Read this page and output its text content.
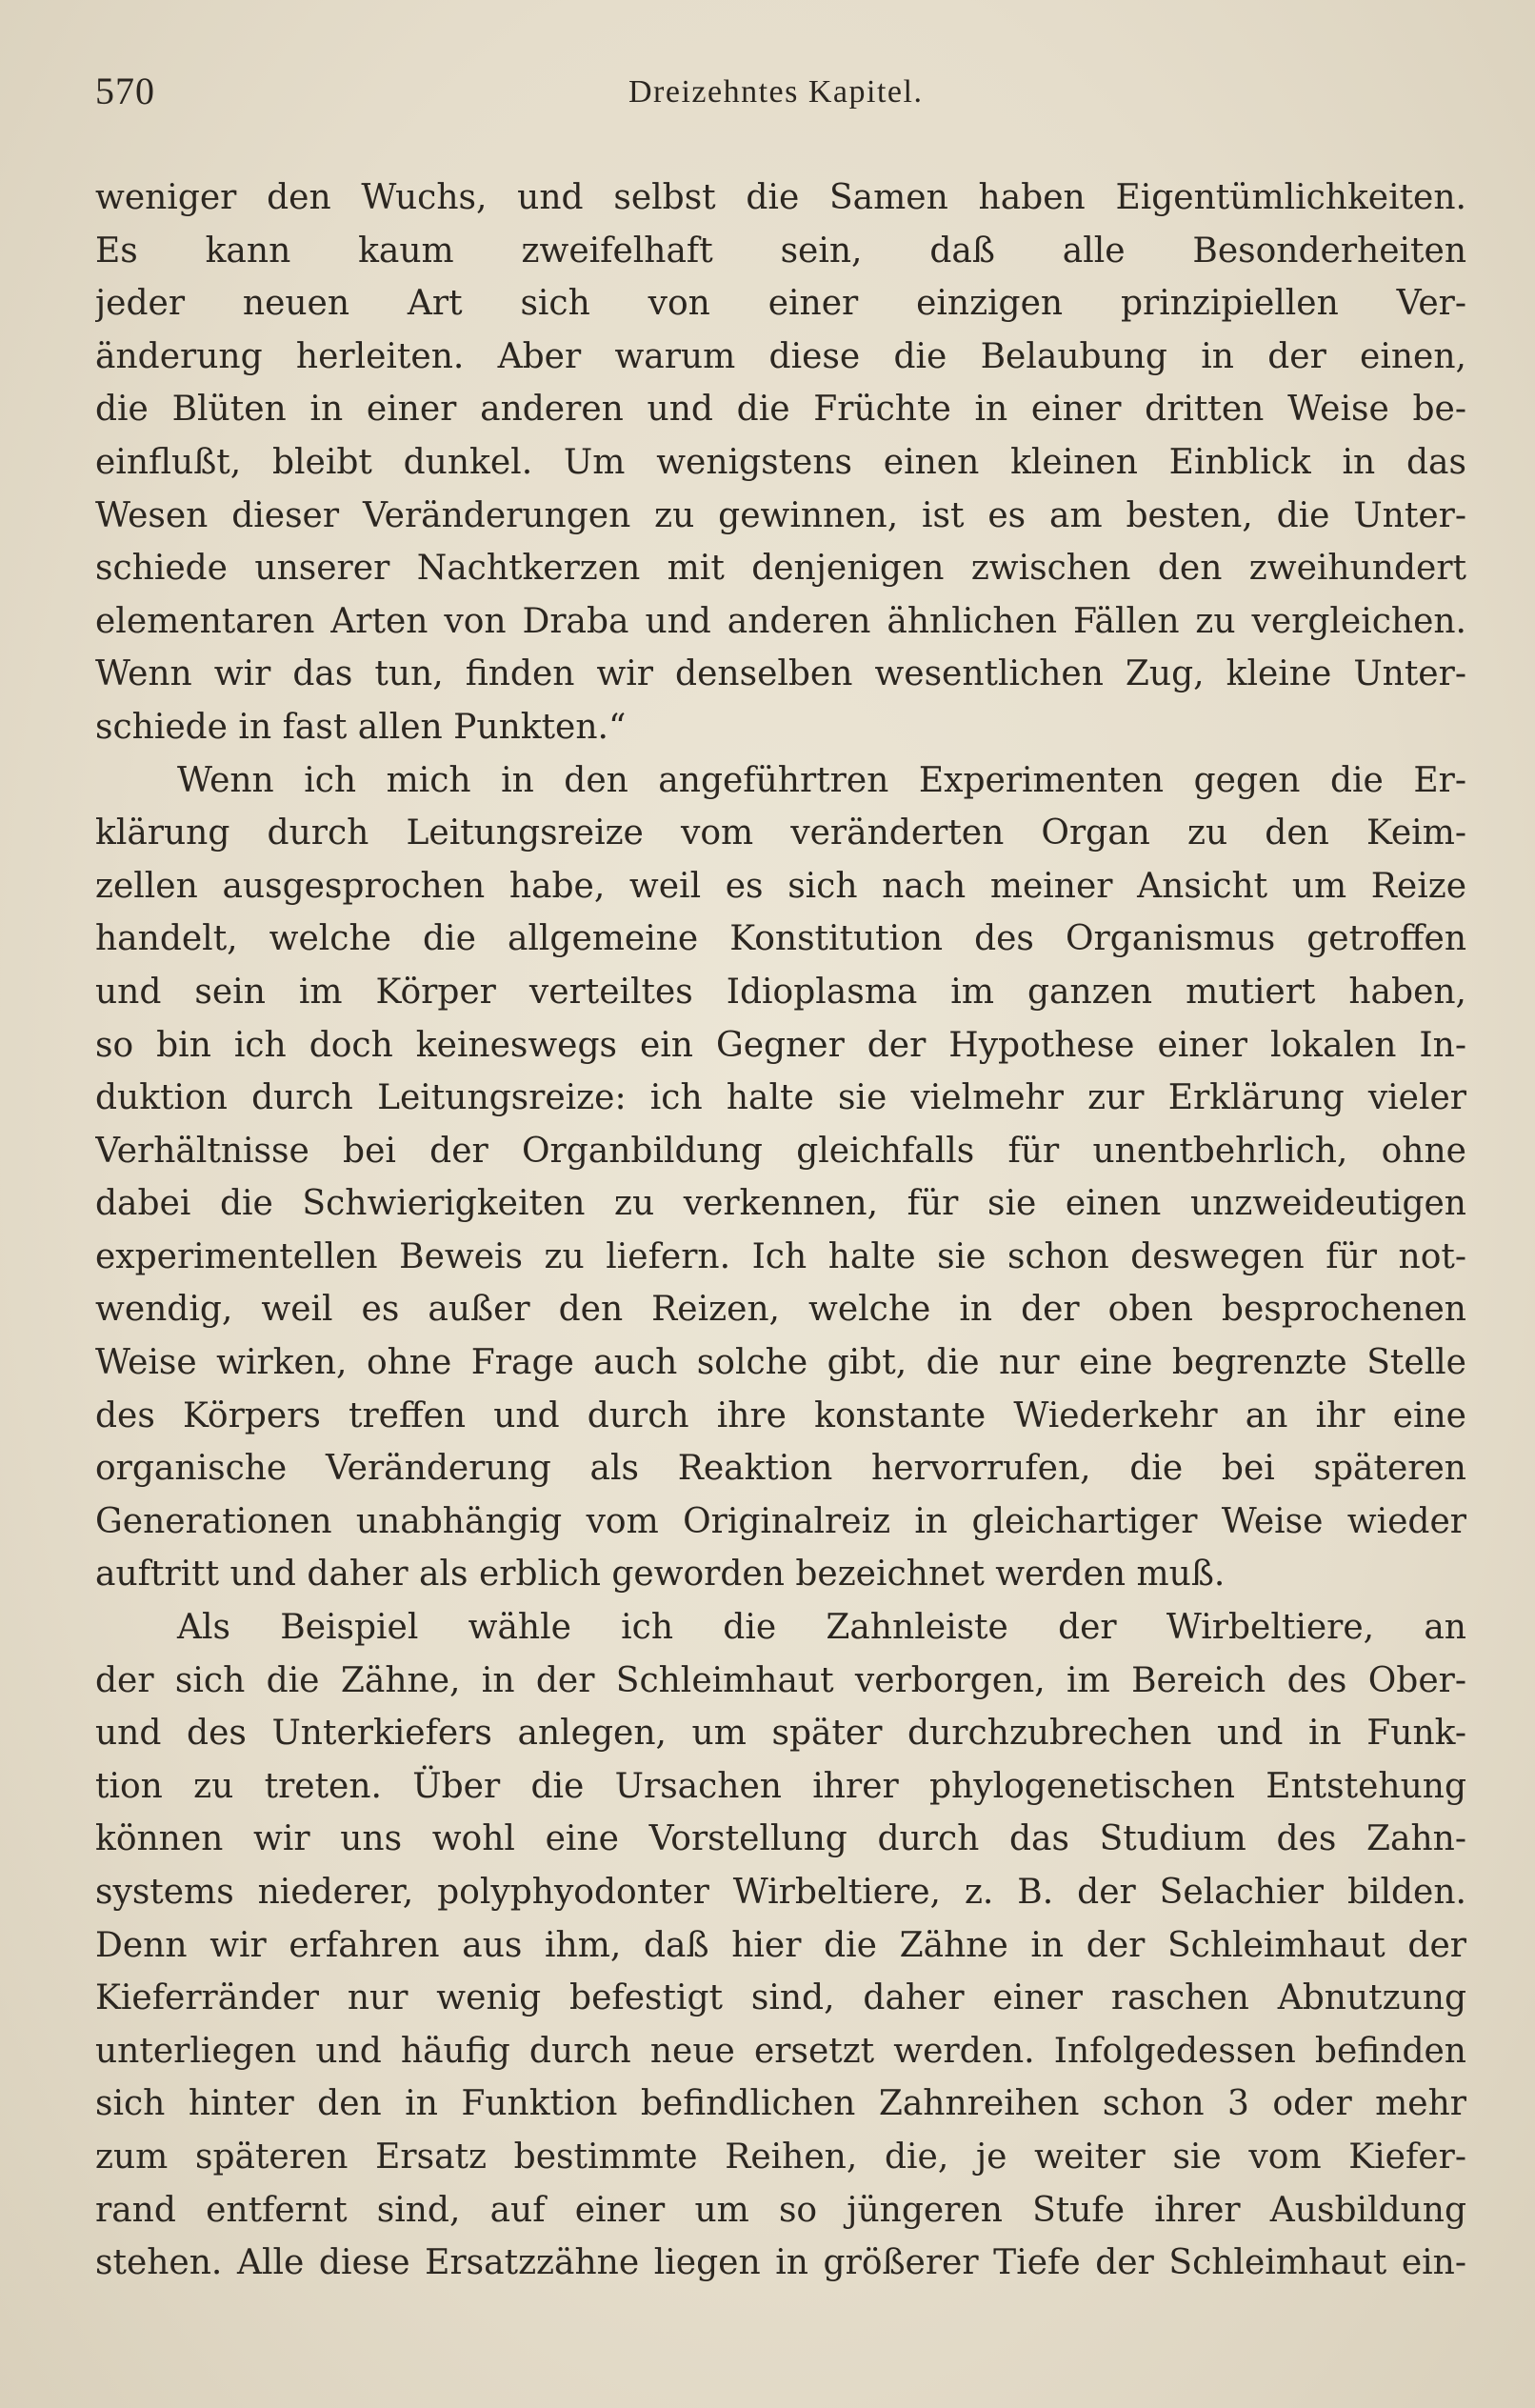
570	Dreizehntes Kapitel.
weniger den Wuchs, und selbst die Samen haben Eigentümlichkeiten.
Es kann kaum zweifelhaft sein, daß alle Besonderheiten
jeder neuen Art sich von einer einzigen prinzipiellen Ver-
änderung herleiten. Aber warum diese die Belaubung in der einen,
die Blüten in einer anderen und die Früchte in einer dritten Weise be-
einflußt, bleibt dunkel. Um wenigstens einen kleinen Einblick in das
Wesen dieser Veränderungen zu gewinnen, ist es am besten, die Unter-
schiede unserer Nachtkerzen mit denjenigen zwischen den zweihundert
elementaren Arten von Draba und anderen ähnlichen Fällen zu vergleichen.
Wenn wir das tun, finden wir denselben wesentlichen Zug, kleine Unter-
schiede in fast allen Punkten.“
Wenn ich mich in den angeführtren Experimenten gegen die Er-
klärung durch Leitungsreize vom veränderten Organ zu den Keim-
zellen ausgesprochen habe, weil es sich nach meiner Ansicht um Reize
handelt, welche die allgemeine Konstitution des Organismus getroffen
und sein im Körper verteiltes Idioplasma im ganzen mutiert haben,
so bin ich doch keineswegs ein Gegner der Hypothese einer lokalen In-
duktion durch Leitungsreize: ich halte sie vielmehr zur Erklärung vieler
Verhältnisse bei der Organbildung gleichfalls für unentbehrlich, ohne
dabei die Schwierigkeiten zu verkennen, für sie einen unzweideutigen
experimentellen Beweis zu liefern. Ich halte sie schon deswegen für not-
wendig, weil es außer den Reizen, welche in der oben besprochenen
Weise wirken, ohne Frage auch solche gibt, die nur eine begrenzte Stelle
des Körpers treffen und durch ihre konstante Wiederkehr an ihr eine
organische Veränderung als Reaktion hervorrufen, die bei späteren
Generationen unabhängig vom Originalreiz in gleichartiger Weise wieder
auftritt und daher als erblich geworden bezeichnet werden muß.
Als Beispiel wähle ich die Zahnleiste der Wirbeltiere, an
der sich die Zähne, in der Schleimhaut verborgen, im Bereich des Ober-
und des Unterkiefers anlegen, um später durchzubrechen und in Funk-
tion zu treten. Über die Ursachen ihrer phylogenetischen Entstehung
können wir uns wohl eine Vorstellung durch das Studium des Zahn-
systems niederer, polyphyodonter Wirbeltiere, z. B. der Selachier bilden.
Denn wir erfahren aus ihm, daß hier die Zähne in der Schleimhaut der
Kieferränder nur wenig befestigt sind, daher einer raschen Abnutzung
unterliegen und häufig durch neue ersetzt werden. Infolgedessen befinden
sich hinter den in Funktion befindlichen Zahnreihen schon 3 oder mehr
zum späteren Ersatz bestimmte Reihen, die, je weiter sie vom Kiefer-
rand entfernt sind, auf einer um so jüngeren Stufe ihrer Ausbildung
stehen. Alle diese Ersatzzähne liegen in größerer Tiefe der Schleimhaut ein-
